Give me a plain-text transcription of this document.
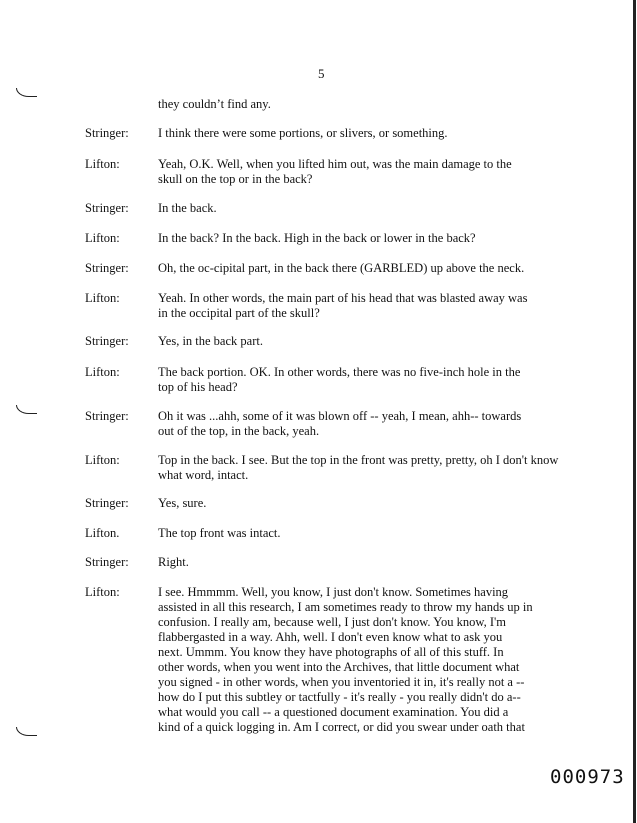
5
they couldn’t find any.
Stringer: I think there were some portions, or slivers, or something.
Lifton:	Yeah, O.K. Well, when you lifted him out, was the main damage to the
skull on the top or in the back?
Stringer: In the back.
Lifton:	In the back? In the back. High in the back or lower in the back?
Stringer: Oh, the oc-cipital part, in the back there (GARBLED) up above the neck.
Lifton:	Yeah. In other words, the main part of his head that was blasted away was
in the occipital part of the skull?
Stringer: Yes, in the back part.
Lifton:	The back portion. OK. In other words, there was no five-inch hole in the
top of his head?
Stringer: Oh it was ...ahh, some of it was blown off -- yeah, I mean, ahh-- towards
out of the top, in the back, yeah.
Lifton:	Top in the back. I see. But the top in the front was pretty, pretty, oh I don't know
what word, intact.
Stringer: Yes, sure.
Lifton.	The top front was intact.
Stringer: Right.
Lifton:	I see. Hmmmm. Well, you know, I just don't know. Sometimes having
assisted in all this research, I am sometimes ready to throw my hands up in
confusion. I really am, because well, I just don't know. You know, I'm
flabbergasted in a way. Ahh, well. I don't even know what to ask you
next. Ummm. You know they have photographs of all of this stuff. In
other words, when you went into the Archives, that little document what
you signed - in other words, when you inventoried it in, it's really not a --
how do I put this subtley or tactfully - it's really - you really didn't do a--
what would you call -- a questioned document examination. You did a
kind of a quick logging in. Am I correct, or did you swear under oath that
000973
